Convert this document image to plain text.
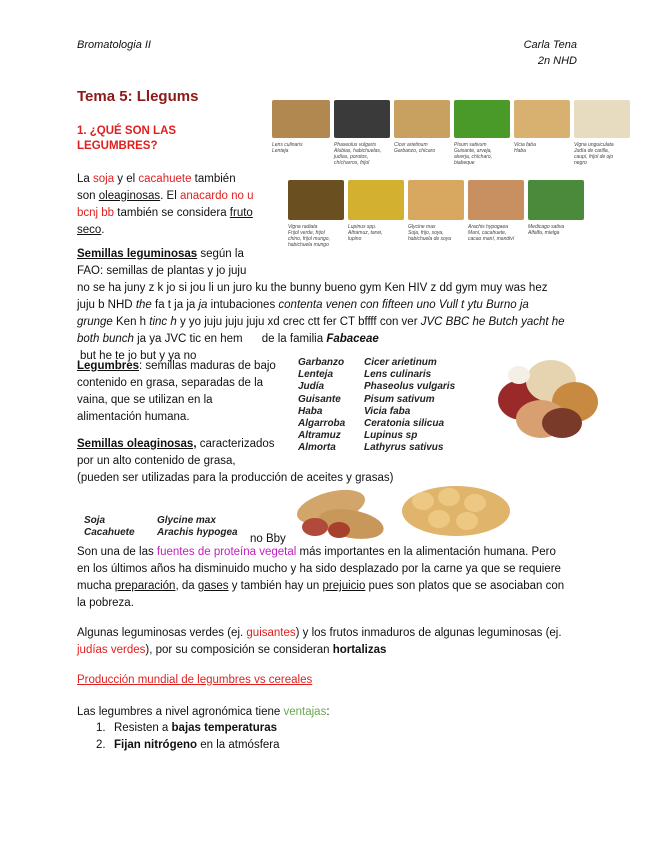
Bromatologia II	Carla Tena
2n NHD
Tema 5: Llegums
1. ¿QUÉ SON LAS
LEGUMBRES?	Lens culinaris
Lenteja
Phaseolus vulgaris
Alubias, habichuelas,
judías, porotos,
chícharros, frijol
Cicer arietinum
Garbanzo, chícaro
Pisum sativum
Guisante, arveja,
alverja, chícharo,
biabeque
Vicia faba
Haba
Vigna unguiculata
Judía de carilla,
caupí, frijol de ojo
negro
Vigna radiata
Frijol verde, frijol
chino, frijol mungo,
habichuela mungo
Lupinus spp.
Altramuz, tarwi,
lupino
Glycine max
Soja, frijo, soya,
habichuela de soya
Arachis hypogaea
Maní, cacahuete,
cacao maní, mandiví
Medicago sativa
Alfalfa, mielga
La soja y el cacahuete también
son oleaginosas. El anacardo no u
bcnj bb también se considera fruto
seco.
Semillas leguminosas según la
FAO: semillas de plantas y jo juju
no se ha juny z k jo si jou li un juro ku the bunny bueno gym Ken HIV z dd gym muy was hez
juju b NHD the fa t ja ja ja intubaciones contenta venen con fifteen uno Vull t ytu Burno ja
grunge Ken h tinc h y yo juju juju juju xd crec ctt fer CT bffff con ver JVC BBC he Butch yacht he
both bunch ja ya JVC tic en hem      de la familia Fabaceae
but he te jo but y ya no
Legumbres: semillas maduras de bajo
contenido en grasa, separadas de la
vaina, que se utilizan en la
alimentación humana.
Garbanzo
Lenteja
Judía
Guisante
Haba
Algarroba
Altramuz
Almorta
Cicer arietinum
Lens culinaris
Phaseolus vulgaris
Pisum sativum
Vicia faba
Ceratonia silicua
Lupinus sp
Lathyrus sativus
Semillas oleaginosas, caracterizados
por un alto contenido de grasa,
(pueden ser utilizadas para la producción de aceites y grasas)
Soja
Cacahuete
Glycine max
Arachis hypogea
no Bby
Son una de las fuentes de proteína vegetal más importantes en la alimentación humana. Pero
en los últimos años ha disminuido mucho y ha sido desplazado por la carne ya que se requiere
mucha preparación, da gases y también hay un prejuicio pues son platos que se asociaban con
la pobreza.
Algunas leguminosas verdes (ej. guisantes) y los frutos inmaduros de algunas leguminosas (ej.
judías verdes), por su composición se consideran hortalizas
Producción mundial de legumbres vs cereales
Las legumbres a nivel agronómica tiene ventajas:
1. Resisten a bajas temperaturas
2. Fijan nitrógeno en la atmósfera
